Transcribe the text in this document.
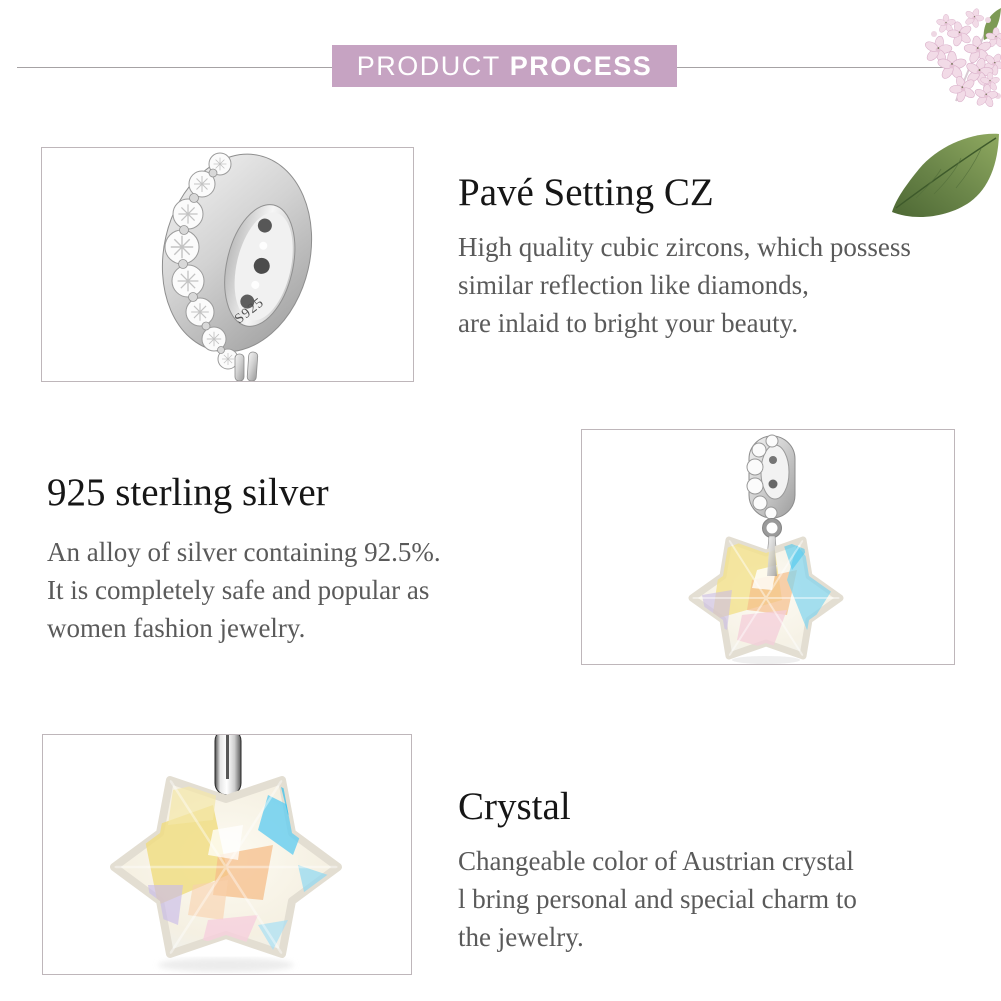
PRODUCT PROCESS
S925
Pavé Setting CZ
High quality cubic zircons, which possess
similar reflection like diamonds,
are inlaid to bright your beauty.
925 sterling silver
An alloy of silver containing 92.5%.
It is completely safe and popular as
women fashion jewelry.
Crystal
Changeable color of Austrian crystal
l bring personal and special charm to
the jewelry.
